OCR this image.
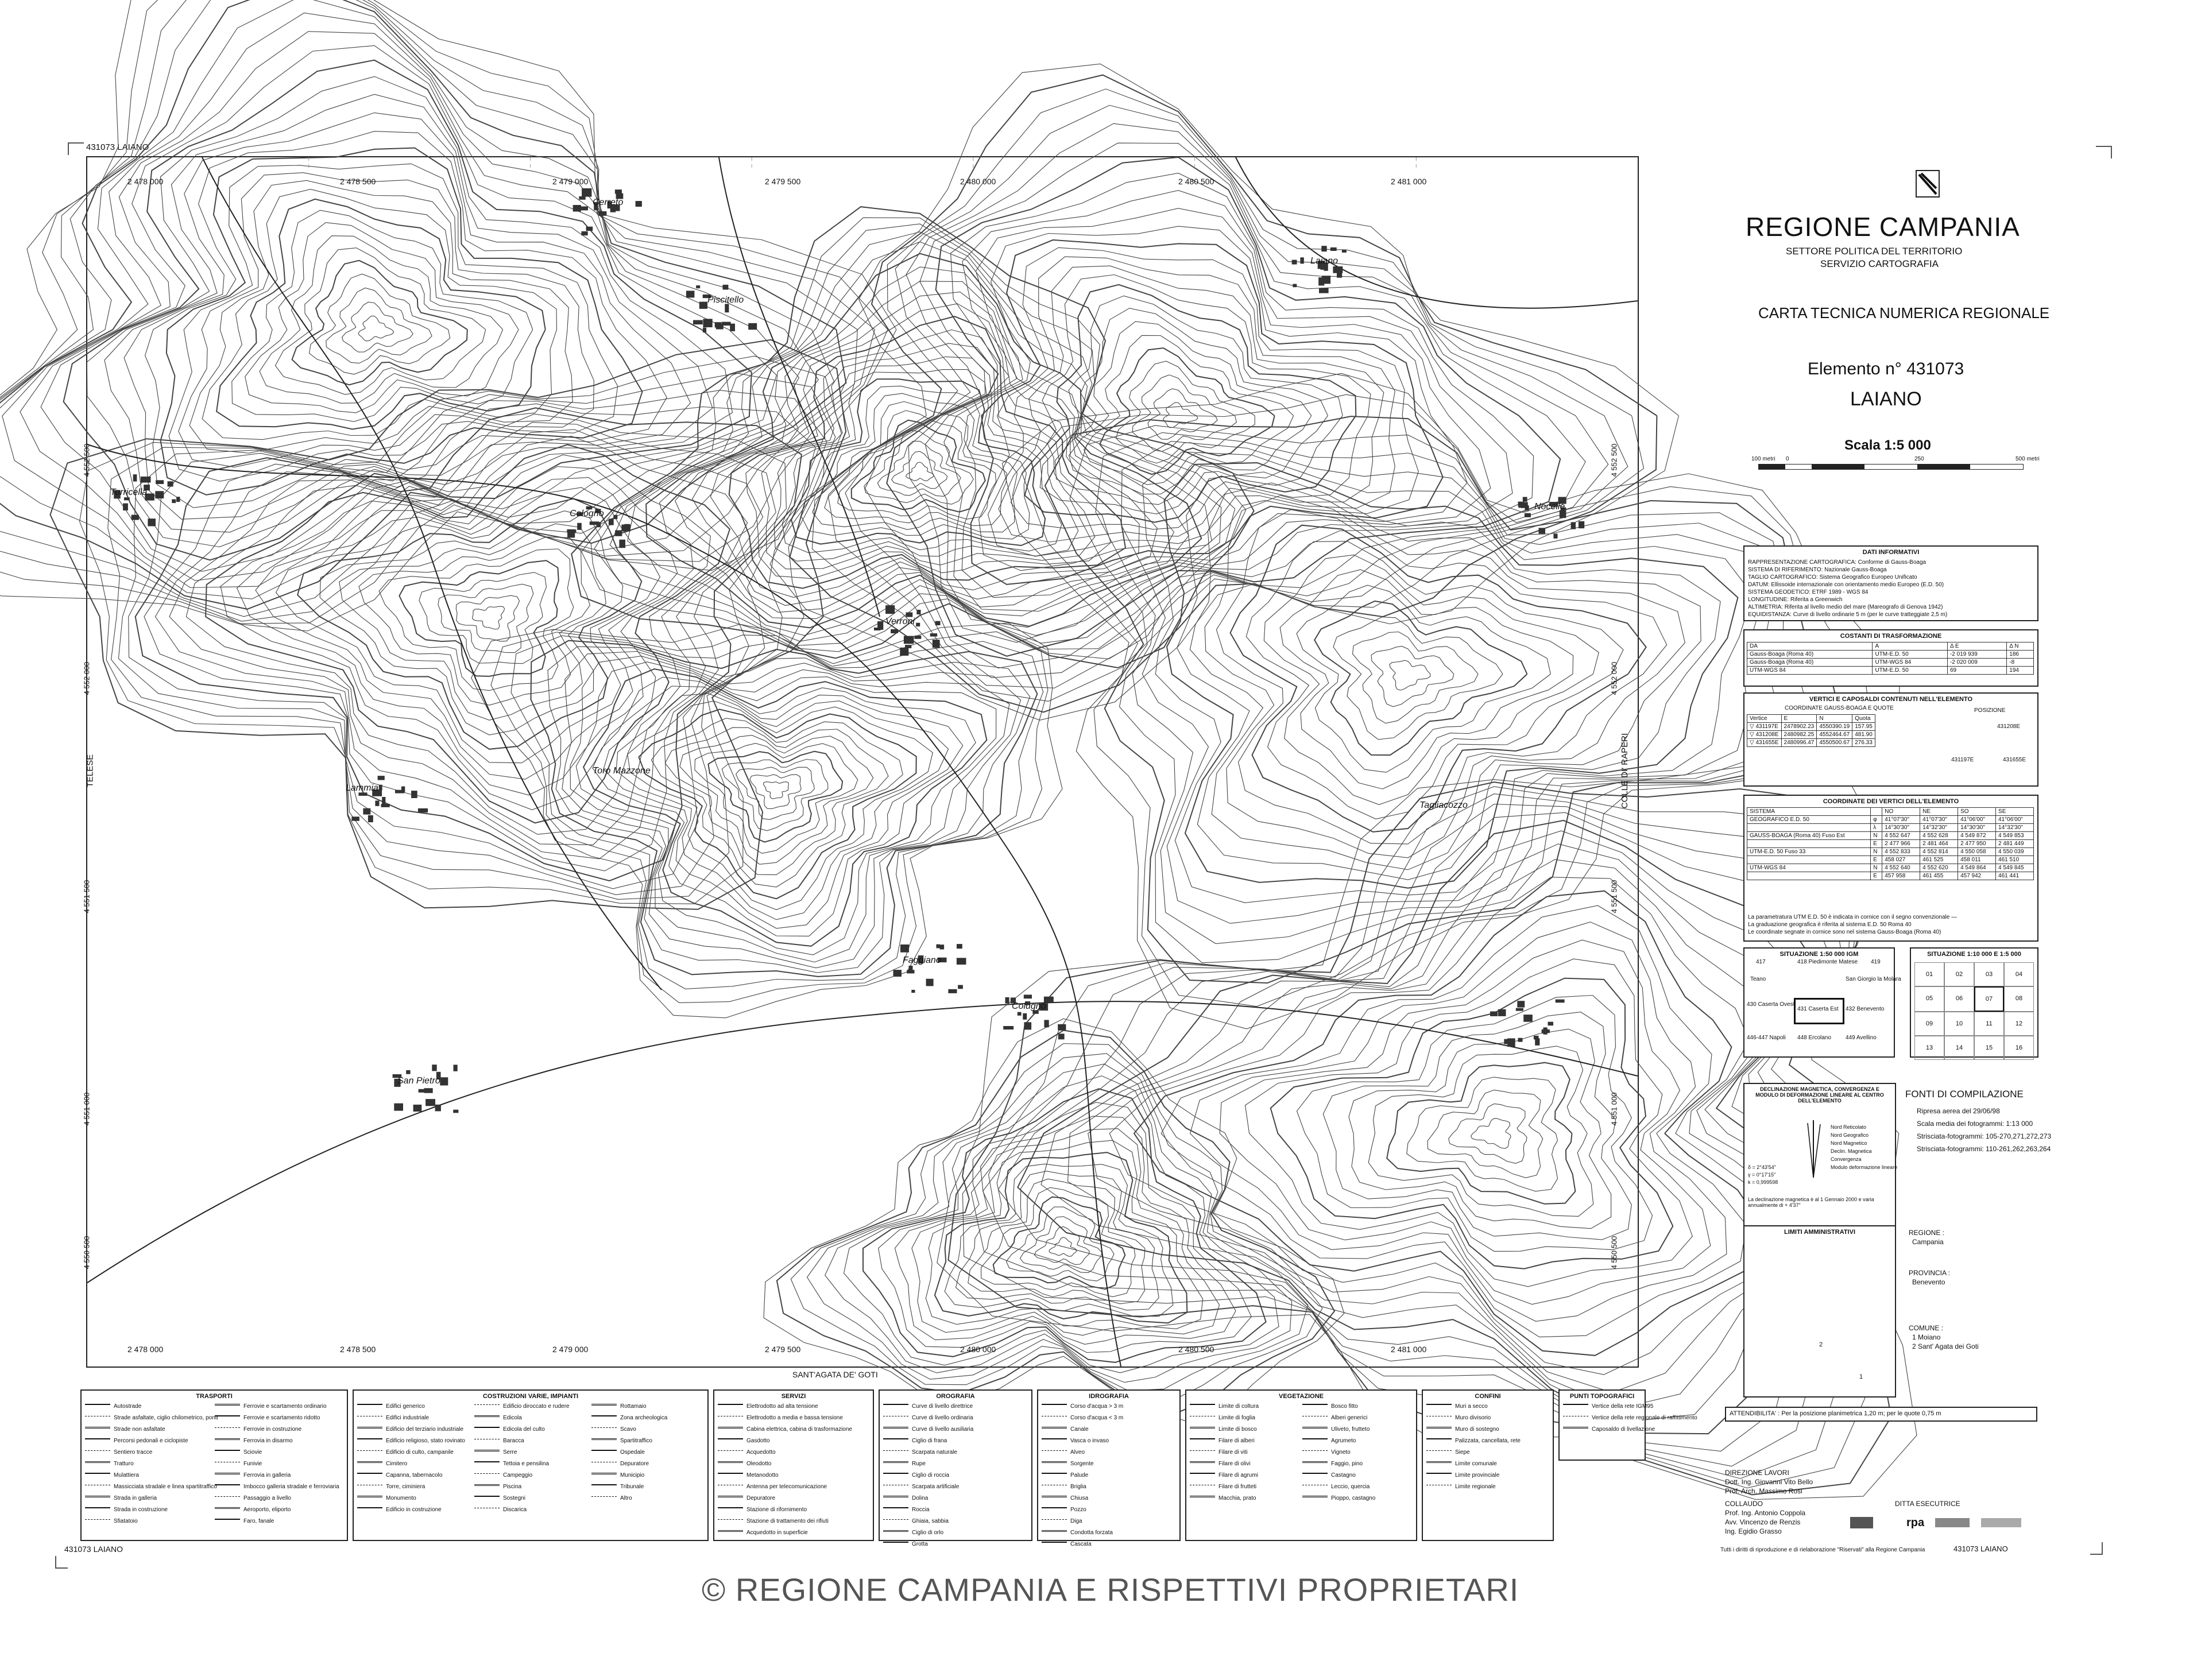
431073 LAIANO
Cerreto
Piscitello
Laiano
Torricella
Cologno
Verroni
Nocelle
Toro Mazzone
Lammia
Tagliacozzo
Faggiano
Colugno
San Pietro
2 478 000	2 478 500	2 479 000	2 479 500	2 480 000	2 480 500	2 481 000
2 478 000	2 478 500	2 479 000	2 479 500	2 480 000	2 480 500	2 481 000
4 552 500
4 552 000
4 551 500
4 551 000
4 550 500
4 552 500
4 552 000
4 551 500
4 551 000
4 550 500
TELESE	COLLE DI' RAPERI
SANT'AGATA DE' GOTI
REGIONE CAMPANIA
SETTORE POLITICA DEL TERRITORIO
SERVIZIO CARTOGRAFIA
CARTA TECNICA NUMERICA REGIONALE
Elemento n° 431073
LAIANO
Scala 1:5 000
100 metri 0	250	500 metri
DATI INFORMATIVI
RAPPRESENTAZIONE CARTOGRAFICA: Conforme di Gauss-Boaga
SISTEMA DI RIFERIMENTO: Nazionale Gauss-Boaga
TAGLIO CARTOGRAFICO: Sistema Geografico Europeo Unificato
DATUM: Ellissoide internazionale con orientamento medio Europeo (E.D. 50)
SISTEMA GEODETICO: ETRF 1989 - WGS 84
LONGITUDINE: Riferita a Greenwich
ALTIMETRIA: Riferita al livello medio del mare (Mareografo di Genova 1942)
EQUIDISTANZA: Curve di livello ordinarie 5 m (per le curve tratteggiate 2,5 m)
COSTANTI DI TRASFORMAZIONE
DA	A	Δ E	Δ N
Gauss-Boaga (Roma 40)	UTM-E.D. 50	-2 019 939	186
Gauss-Boaga (Roma 40)	UTM-WGS 84	-2 020 009	-8
UTM-WGS 84	UTM-E.D. 50	69	194
VERTICI E CAPOSALDI CONTENUTI NELL'ELEMENTO
COORDINATE GAUSS-BOAGA E QUOTE
Vertice	E	N	Quota
▽ 431197E	2478902.23	4550390.19	157.95
▽ 431208E	2480982.25	4552464.67	481.90
▽ 431655E	2480996.47	4550500.67	276.33
POSIZIONE
431208E
431197E	431655E
COORDINATE DEI VERTICI DELL'ELEMENTO
SISTEMA		NO	NE	SO	SE
GEOGRAFICO E.D. 50	φ	41°07'30"	41°07'30"	41°06'00"	41°06'00"
	λ	14°30'30"	14°32'30"	14°30'30"	14°32'30"
GAUSS-BOAGA (Roma 40) Fuso Est	N	4 552 647	4 552 628	4 549 872	4 549 853
	E	2 477 966	2 481 464	2 477 950	2 481 449
UTM-E.D. 50 Fuso 33	N	4 552 833	4 552 814	4 550 058	4 550 039
	E	458 027	461 525	458 011	461 510
UTM-WGS 84	N	4 552 640	4 552 620	4 549 864	4 549 845
	E	457 958	461 455	457 942	461 441
La parametratura UTM E.D. 50 è indicata in cornice con il segno convenzionale —
La graduazione geografica è riferita al sistema E.D. 50 Roma 40
Le coordinate segnate in cornice sono nel sistema Gauss-Boaga (Roma 40)
SITUAZIONE 1:50 000 IGM
417	418 Piedimonte Matese 419
Teano	San Giorgio la Molara
430 Caserta Ovest
431 Caserta Est 432 Benevento
446-447 Napoli 448 Ercolano	449 Avellino
SITUAZIONE 1:10 000 E 1:5 000
01	02	03	04
05	06	07	08
09	10	11	12
13	14	15	16
DECLINAZIONE MAGNETICA, CONVERGENZA E MODULO DI DEFORMAZIONE LINEARE AL CENTRO DELL'ELEMENTO
Nord Reticolato
Nord Geografico
Nord Magnetico
Declin. Magnetica
Convergenza
Modulo deformazione lineare
δ = 2°43'54"
γ = 0°17'15"
k = 0,999598
La declinazione magnetica è al 1 Gennaio 2000 e varia annualmente di + 4'37"
FONTI DI COMPILAZIONE
Ripresa aerea del 29/06/98
Scala media dei fotogrammi: 1:13 000
Strisciata-fotogrammi: 105-270,271,272,273
Strisciata-fotogrammi: 110-261,262,263,264
LIMITI AMMINISTRATIVI
2
1
REGIONE :
Campania
PROVINCIA :
Benevento
COMUNE :
1 Moiano
2 Sant' Agata dei Goti
ATTENDIBILITA' : Per la posizione planimetrica 1,20 m; per le quote 0,75 m
DIREZIONE LAVORI
Dott. Ing. Giovanni Vito Bello
Prof. Arch. Massimo Rosi
COLLAUDO
Prof. Ing. Antonio Coppola
Avv. Vincenzo de Renzis
Ing. Egidio Grasso
DITTA ESECUTRICE
rpa
Tutti i diritti di riproduzione e di rielaborazione "Riservati" alla Regione Campania	431073 LAIANO
431073 LAIANO
TRASPORTI
Autostrade
Strade asfaltate, ciglio chilometrico, ponti
Strade non asfaltate
Percorsi pedonali e ciclopiste
Sentiero tracce
Tratturo
Mulattiera
Massicciata stradale e linea spartitraffico
Strada in galleria
Strada in costruzione
Sfiatatoio
Ferrovie e scartamento ordinario
Ferrovie e scartamento ridotto
Ferrovie in costruzione
Ferrovia in disarmo
Sciovie
Funivie
Ferrovia in galleria
Imbocco galleria stradale e ferroviaria
Passaggio a livello
Aeroporto, eliporto
Faro, fanale
COSTRUZIONI VARIE, IMPIANTI
Edifici generico
Edifici industriale
Edificio del terziario industriale
Edificio religioso, stato rovinato
Edificio di culto, campanile
Cimitero
Capanna, tabernacolo
Torre, ciminiera
Monumento
Edificio in costruzione
Edificio diroccato e rudere
Edicola
Edicola del culto
Baracca
Serre
Tettoia e pensilina
Campeggio
Piscina
Sostegni
Discarica
Rottamaio
Zona archeologica
Scavo
Spartitraffico
Ospedale
Depuratore
Municipio
Tribunale
Altro
SERVIZI
Elettrodotto ad alta tensione
Elettrodotto a media e bassa tensione
Cabina elettrica, cabina di trasformazione
Gasdotto
Acquedotto
Oleodotto
Metanodotto
Antenna per telecomunicazione
Depuratore
Stazione di rifornimento
Stazione di trattamento dei rifiuti
Acquedotto in superficie
OROGRAFIA
Curve di livello direttrice
Curve di livello ordinaria
Curve di livello ausiliaria
Ciglio di frana
Scarpata naturale
Rupe
Ciglio di roccia
Scarpata artificiale
Dolina
Roccia
Ghiaia, sabbia
Ciglio di orlo
Grotta
IDROGRAFIA
Corso d'acqua > 3 m
Corso d'acqua < 3 m
Canale
Vasca o invaso
Alveo
Sorgente
Palude
Briglia
Chiusa
Pozzo
Diga
Condotta forzata
Cascata
VEGETAZIONE
Limite di coltura
Limite di foglia
Limite di bosco
Filare di alberi
Filare di viti
Filare di olivi
Filare di agrumi
Filare di frutteti
Macchia, prato
Bosco fitto
Alberi generici
Uliveto, frutteto
Agrumeto
Vigneto
Faggio, pino
Castagno
Leccio, quercia
Pioppo, castagno
CONFINI
Muri a secco
Muro divisorio
Muro di sostegno
Palizzata, cancellata, rete
Siepe
Limite comunale
Limite provinciale
Limite regionale
PUNTI TOPOGRAFICI
Vertice della rete IGM95
Vertice della rete regionale di raffittimento
Caposaldo di livellazione
© REGIONE CAMPANIA E RISPETTIVI PROPRIETARI
